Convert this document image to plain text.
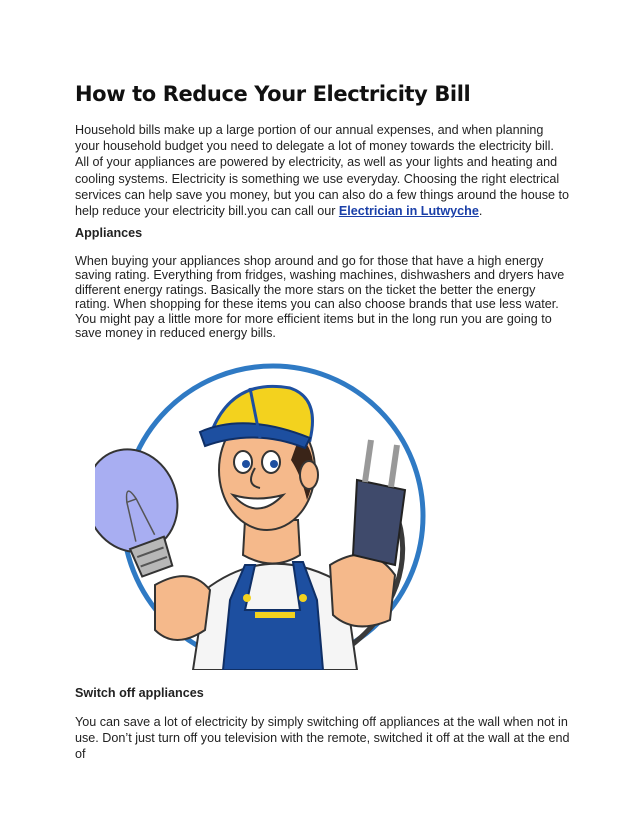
How to Reduce Your Electricity Bill

Household bills make up a large portion of our annual expenses, and when planning your household budget you need to delegate a lot of money towards the electricity bill. All of your appliances are powered by electricity, as well as your lights and heating and cooling systems. Electricity is something we use everyday. Choosing the right electrical services can help save you money, but you can also do a few things around the house to help reduce your electricity bill.you can call our Electrician in Lutwyche.

Appliances

When buying your appliances shop around and go for those that have a high energy saving rating. Everything from fridges, washing machines, dishwashers and dryers have different energy ratings. Basically the more stars on the ticket the better the energy rating. When shopping for these items you can also choose brands that use less water. You might pay a little more for more efficient items but in the long run you are going to save money in reduced energy bills.

Switch off appliances

You can save a lot of electricity by simply switching off appliances at the wall when not in use. Don’t just turn off you television with the remote, switched it off at the wall at the end of
